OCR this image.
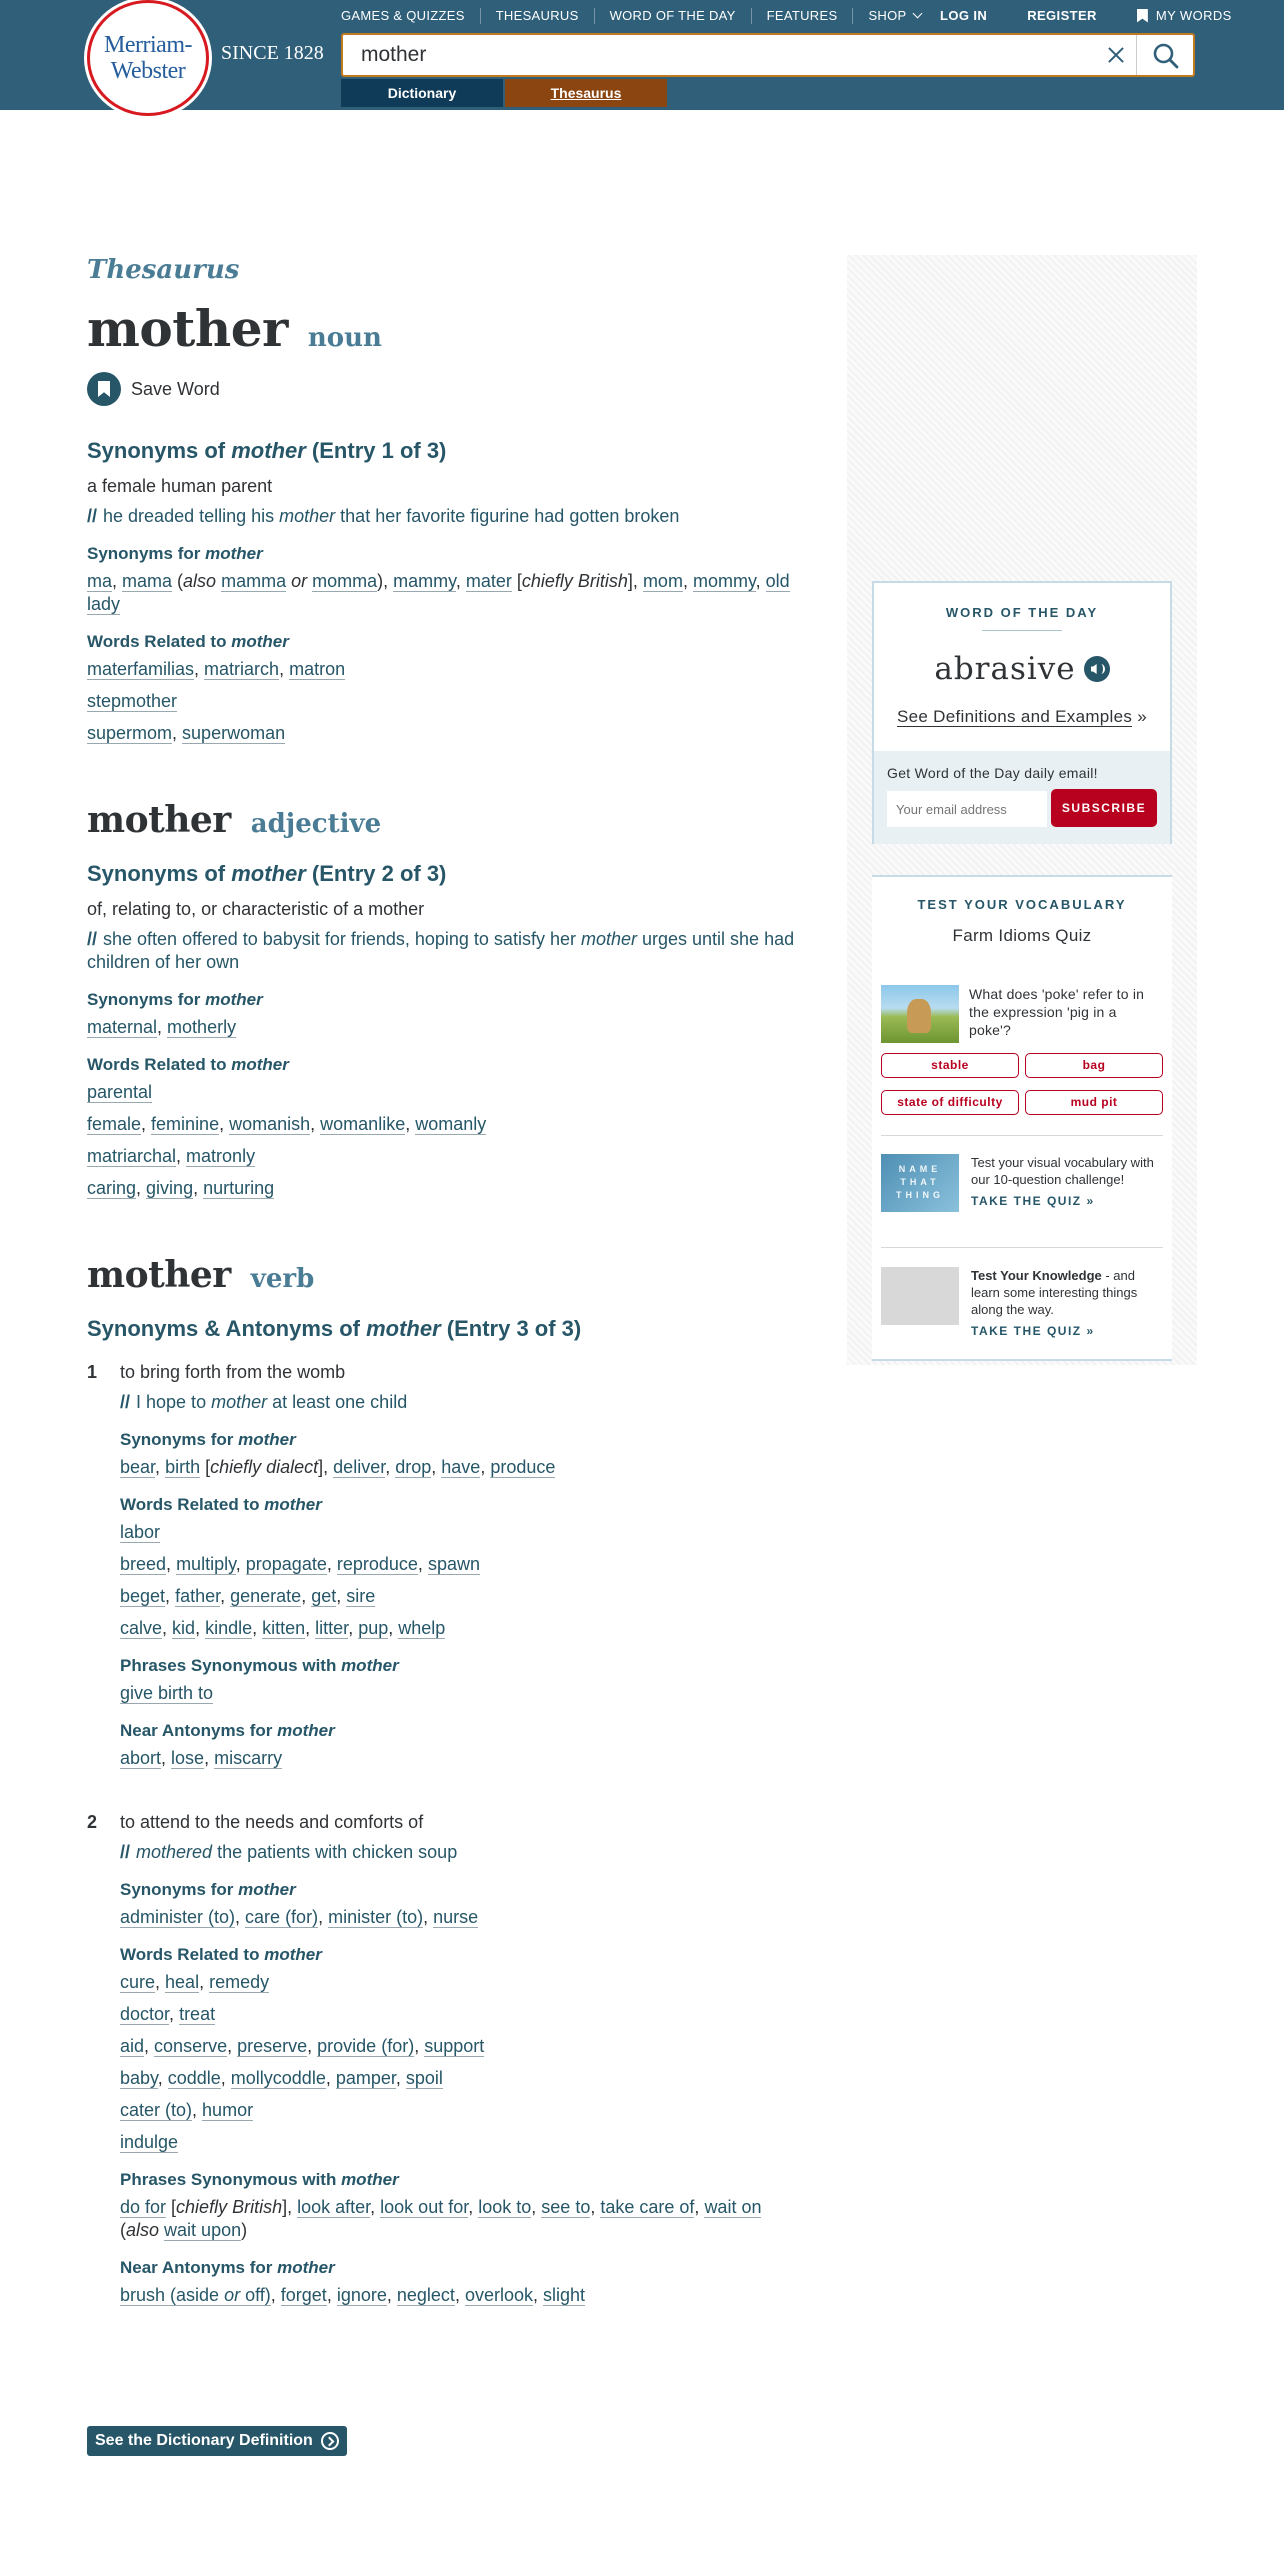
Merriam-
Webster
SINCE 1828
GAMES & QUIZZES	THESAURUS	WORD OF THE DAY	FEATURES	SHOP	LOG IN	REGISTER	MY WORDS
mother
Dictionary	Thesaurus
Thesaurus
mother noun
Save Word
Synonyms of mother (Entry 1 of 3)
a female human parent
// he dreaded telling his mother that her favorite figurine had gotten broken
Synonyms for mother
ma, mama (also mamma or momma), mammy, mater [chiefly British], mom, mommy, old lady
Words Related to mother
materfamilias, matriarch, matron
stepmother
supermom, superwoman
mother adjective
Synonyms of mother (Entry 2 of 3)
of, relating to, or characteristic of a mother
// she often offered to babysit for friends, hoping to satisfy her mother urges until she had children of her own
Synonyms for mother
maternal, motherly
Words Related to mother
parental
female, feminine, womanish, womanlike, womanly
matriarchal, matronly
caring, giving, nurturing
mother verb
Synonyms & Antonyms of mother (Entry 3 of 3)
1	to bring forth from the womb
// I hope to mother at least one child
Synonyms for mother
bear, birth [chiefly dialect], deliver, drop, have, produce
Words Related to mother
labor
breed, multiply, propagate, reproduce, spawn
beget, father, generate, get, sire
calve, kid, kindle, kitten, litter, pup, whelp
Phrases Synonymous with mother
give birth to
Near Antonyms for mother
abort, lose, miscarry
2	to attend to the needs and comforts of
// mothered the patients with chicken soup
Synonyms for mother
administer (to), care (for), minister (to), nurse
Words Related to mother
cure, heal, remedy
doctor, treat
aid, conserve, preserve, provide (for), support
baby, coddle, mollycoddle, pamper, spoil
cater (to), humor
indulge
Phrases Synonymous with mother
do for [chiefly British], look after, look out for, look to, see to, take care of, wait on (also wait upon)
Near Antonyms for mother
brush (aside or off), forget, ignore, neglect, overlook, slight
See the Dictionary Definition
WORD OF THE DAY
abrasive
See Definitions and Examples »
Get Word of the Day daily email!
Your email address
SUBSCRIBE
TEST YOUR VOCABULARY
Farm Idioms Quiz
What does 'poke' refer to in the expression 'pig in a poke'?
stable	bag
state of difficulty	mud pit
NAME THAT THING
Test your visual vocabulary with our 10-question challenge!
TAKE THE QUIZ »
Test Your Knowledge - and learn some interesting things along the way.
TAKE THE QUIZ »
